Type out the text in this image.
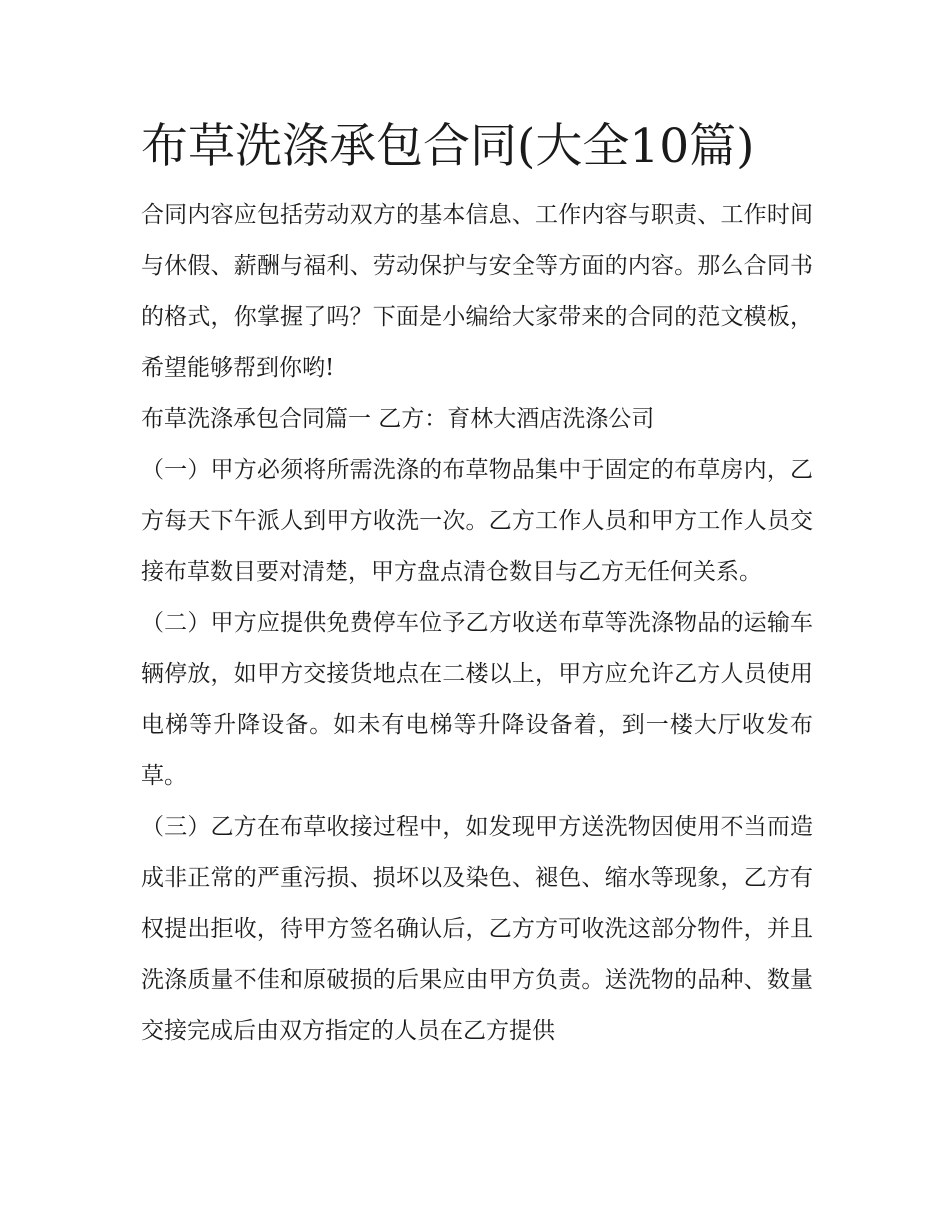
布草洗涤承包合同(大全10篇)

合同内容应包括劳动双方的基本信息、工作内容与职责、工作时间与休假、薪酬与福利、劳动保护与安全等方面的内容。那么合同书的格式，你掌握了吗？下面是小编给大家带来的合同的范文模板，希望能够帮到你哟!

布草洗涤承包合同篇一 乙方：育林大酒店洗涤公司

（一）甲方必须将所需洗涤的布草物品集中于固定的布草房内，乙方每天下午派人到甲方收洗一次。乙方工作人员和甲方工作人员交接布草数目要对清楚，甲方盘点清仓数目与乙方无任何关系。

（二）甲方应提供免费停车位予乙方收送布草等洗涤物品的运输车辆停放，如甲方交接货地点在二楼以上，甲方应允许乙方人员使用电梯等升降设备。如未有电梯等升降设备着，到一楼大厅收发布草。

（三）乙方在布草收接过程中，如发现甲方送洗物因使用不当而造成非正常的严重污损、损坏以及染色、褪色、缩水等现象，乙方有权提出拒收，待甲方签名确认后，乙方方可收洗这部分物件，并且洗涤质量不佳和原破损的后果应由甲方负责。送洗物的品种、数量交接完成后由双方指定的人员在乙方提供
